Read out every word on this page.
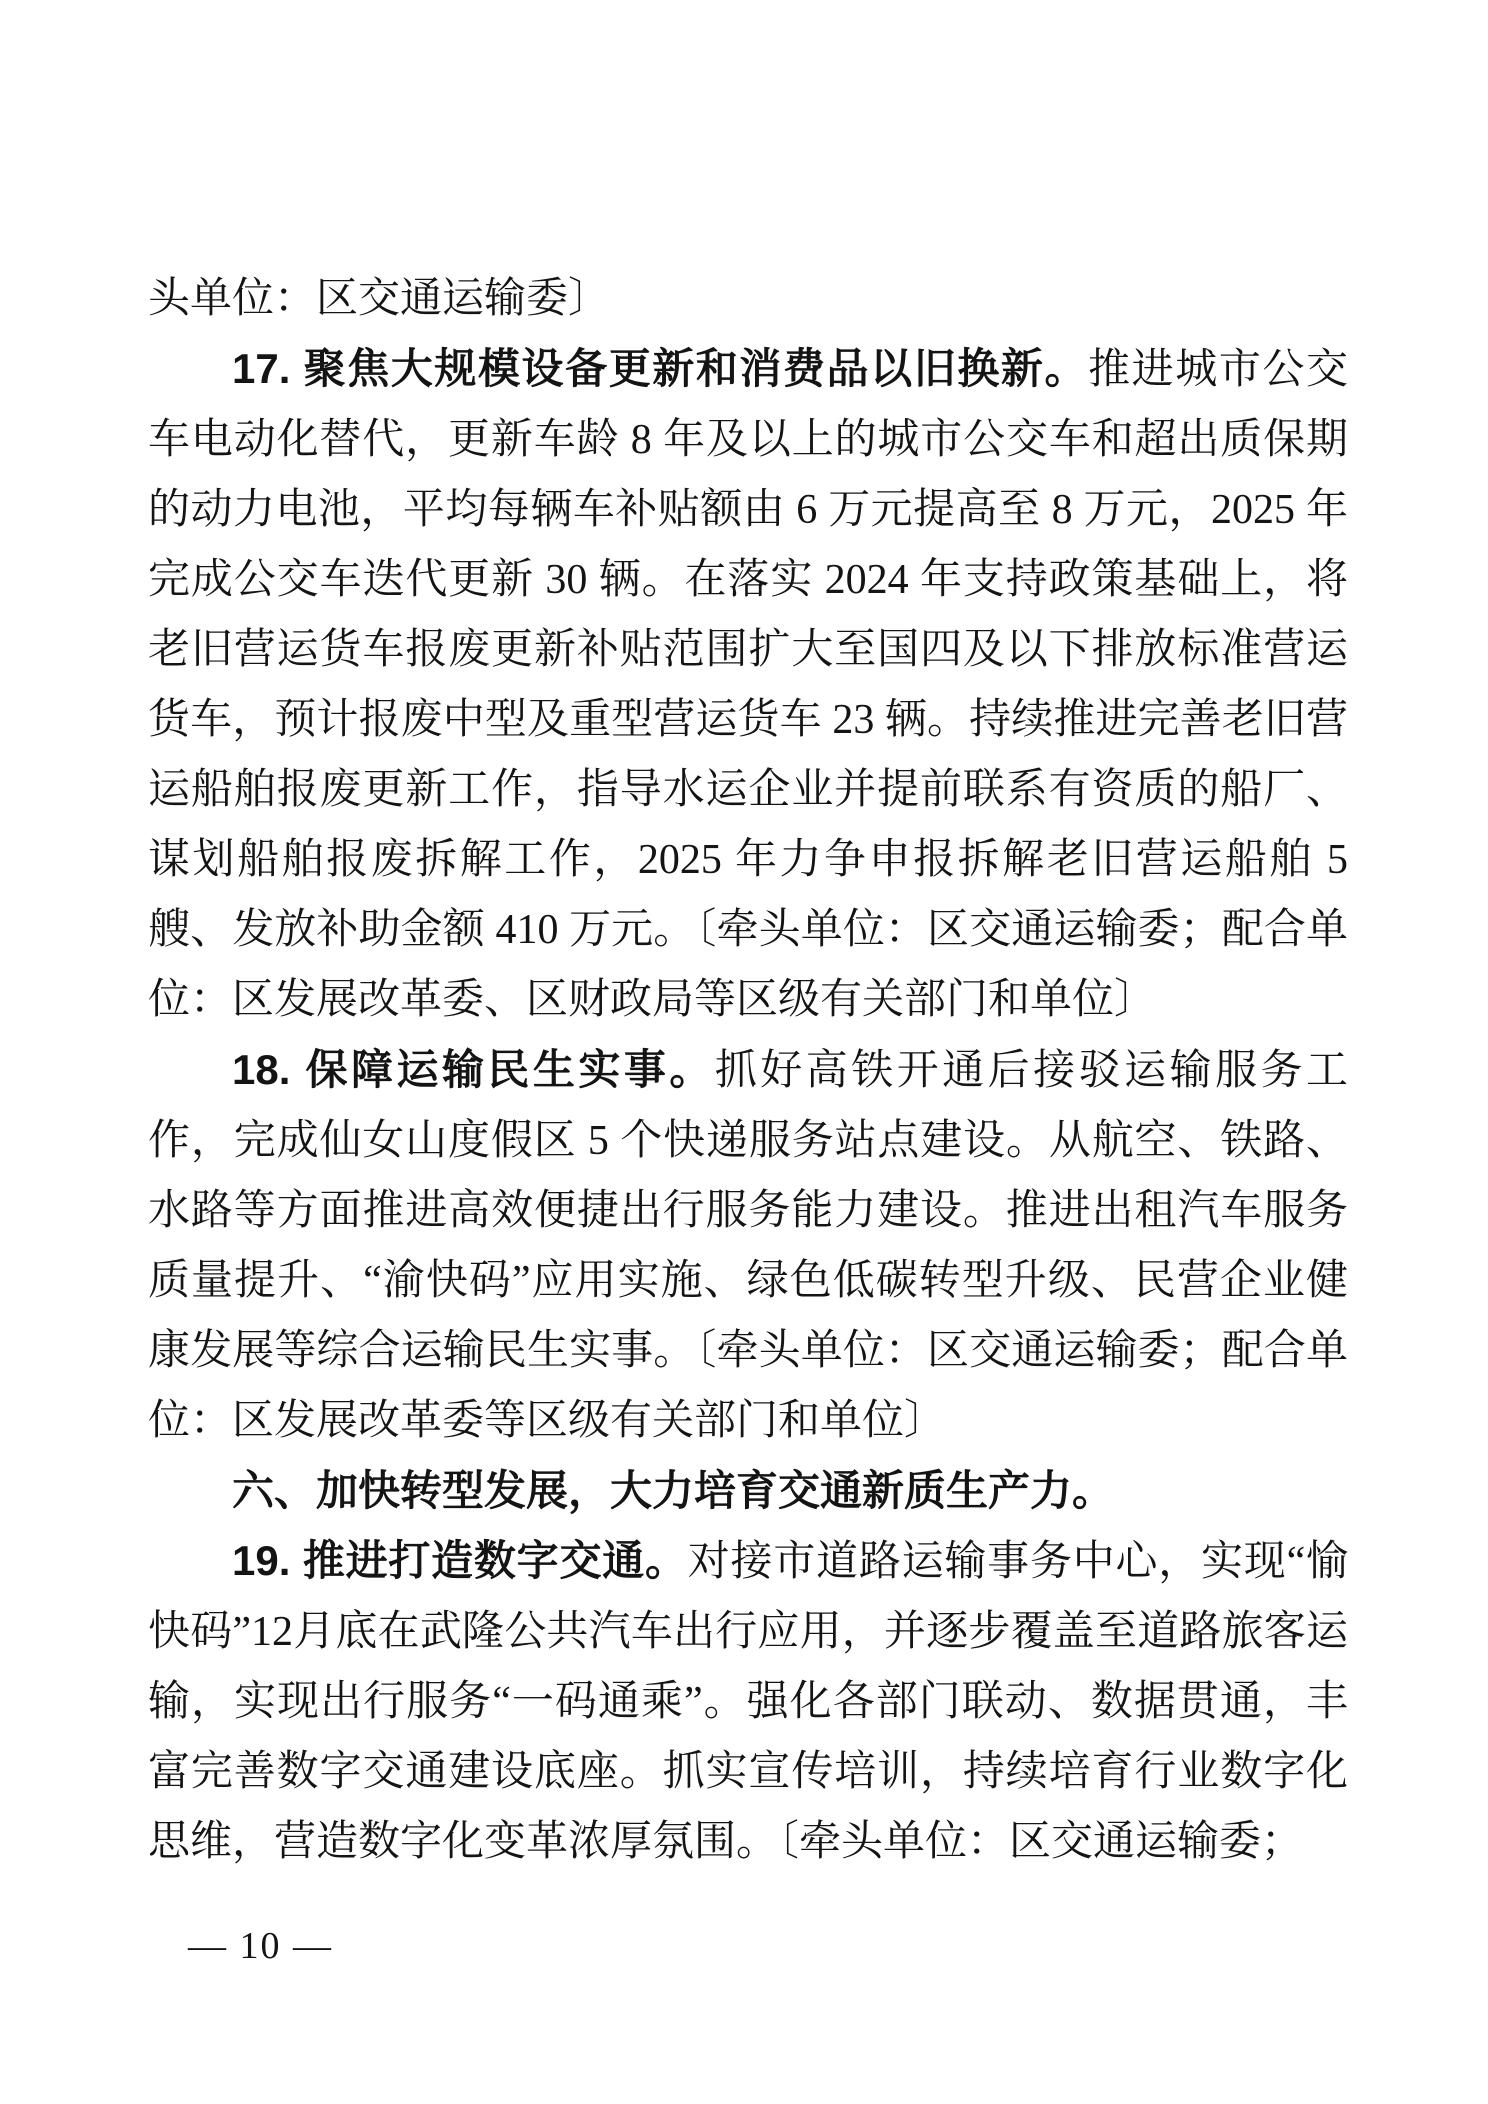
头单位：区交通运输委〕

17. 聚焦大规模设备更新和消费品以旧换新。推进城市公交车电动化替代，更新车龄 8 年及以上的城市公交车和超出质保期的动力电池，平均每辆车补贴额由 6 万元提高至 8 万元，2025 年完成公交车迭代更新 30 辆。在落实 2024 年支持政策基础上，将老旧营运货车报废更新补贴范围扩大至国四及以下排放标准营运货车，预计报废中型及重型营运货车 23 辆。持续推进完善老旧营运船舶报废更新工作，指导水运企业并提前联系有资质的船厂、谋划船舶报废拆解工作，2025 年力争申报拆解老旧营运船舶 5 艘、发放补助金额 410 万元。〔牵头单位：区交通运输委；配合单位：区发展改革委、区财政局等区级有关部门和单位〕

18. 保障运输民生实事。抓好高铁开通后接驳运输服务工作，完成仙女山度假区 5 个快递服务站点建设。从航空、铁路、水路等方面推进高效便捷出行服务能力建设。推进出租汽车服务质量提升、“渝快码”应用实施、绿色低碳转型升级、民营企业健康发展等综合运输民生实事。〔牵头单位：区交通运输委；配合单位：区发展改革委等区级有关部门和单位〕

六、加快转型发展，大力培育交通新质生产力。

19. 推进打造数字交通。对接市道路运输事务中心，实现“愉快码”12月底在武隆公共汽车出行应用，并逐步覆盖至道路旅客运输，实现出行服务“一码通乘”。强化各部门联动、数据贯通，丰富完善数字交通建设底座。抓实宣传培训，持续培育行业数字化思维，营造数字化变革浓厚氛围。〔牵头单位：区交通运输委；

— 10 —
